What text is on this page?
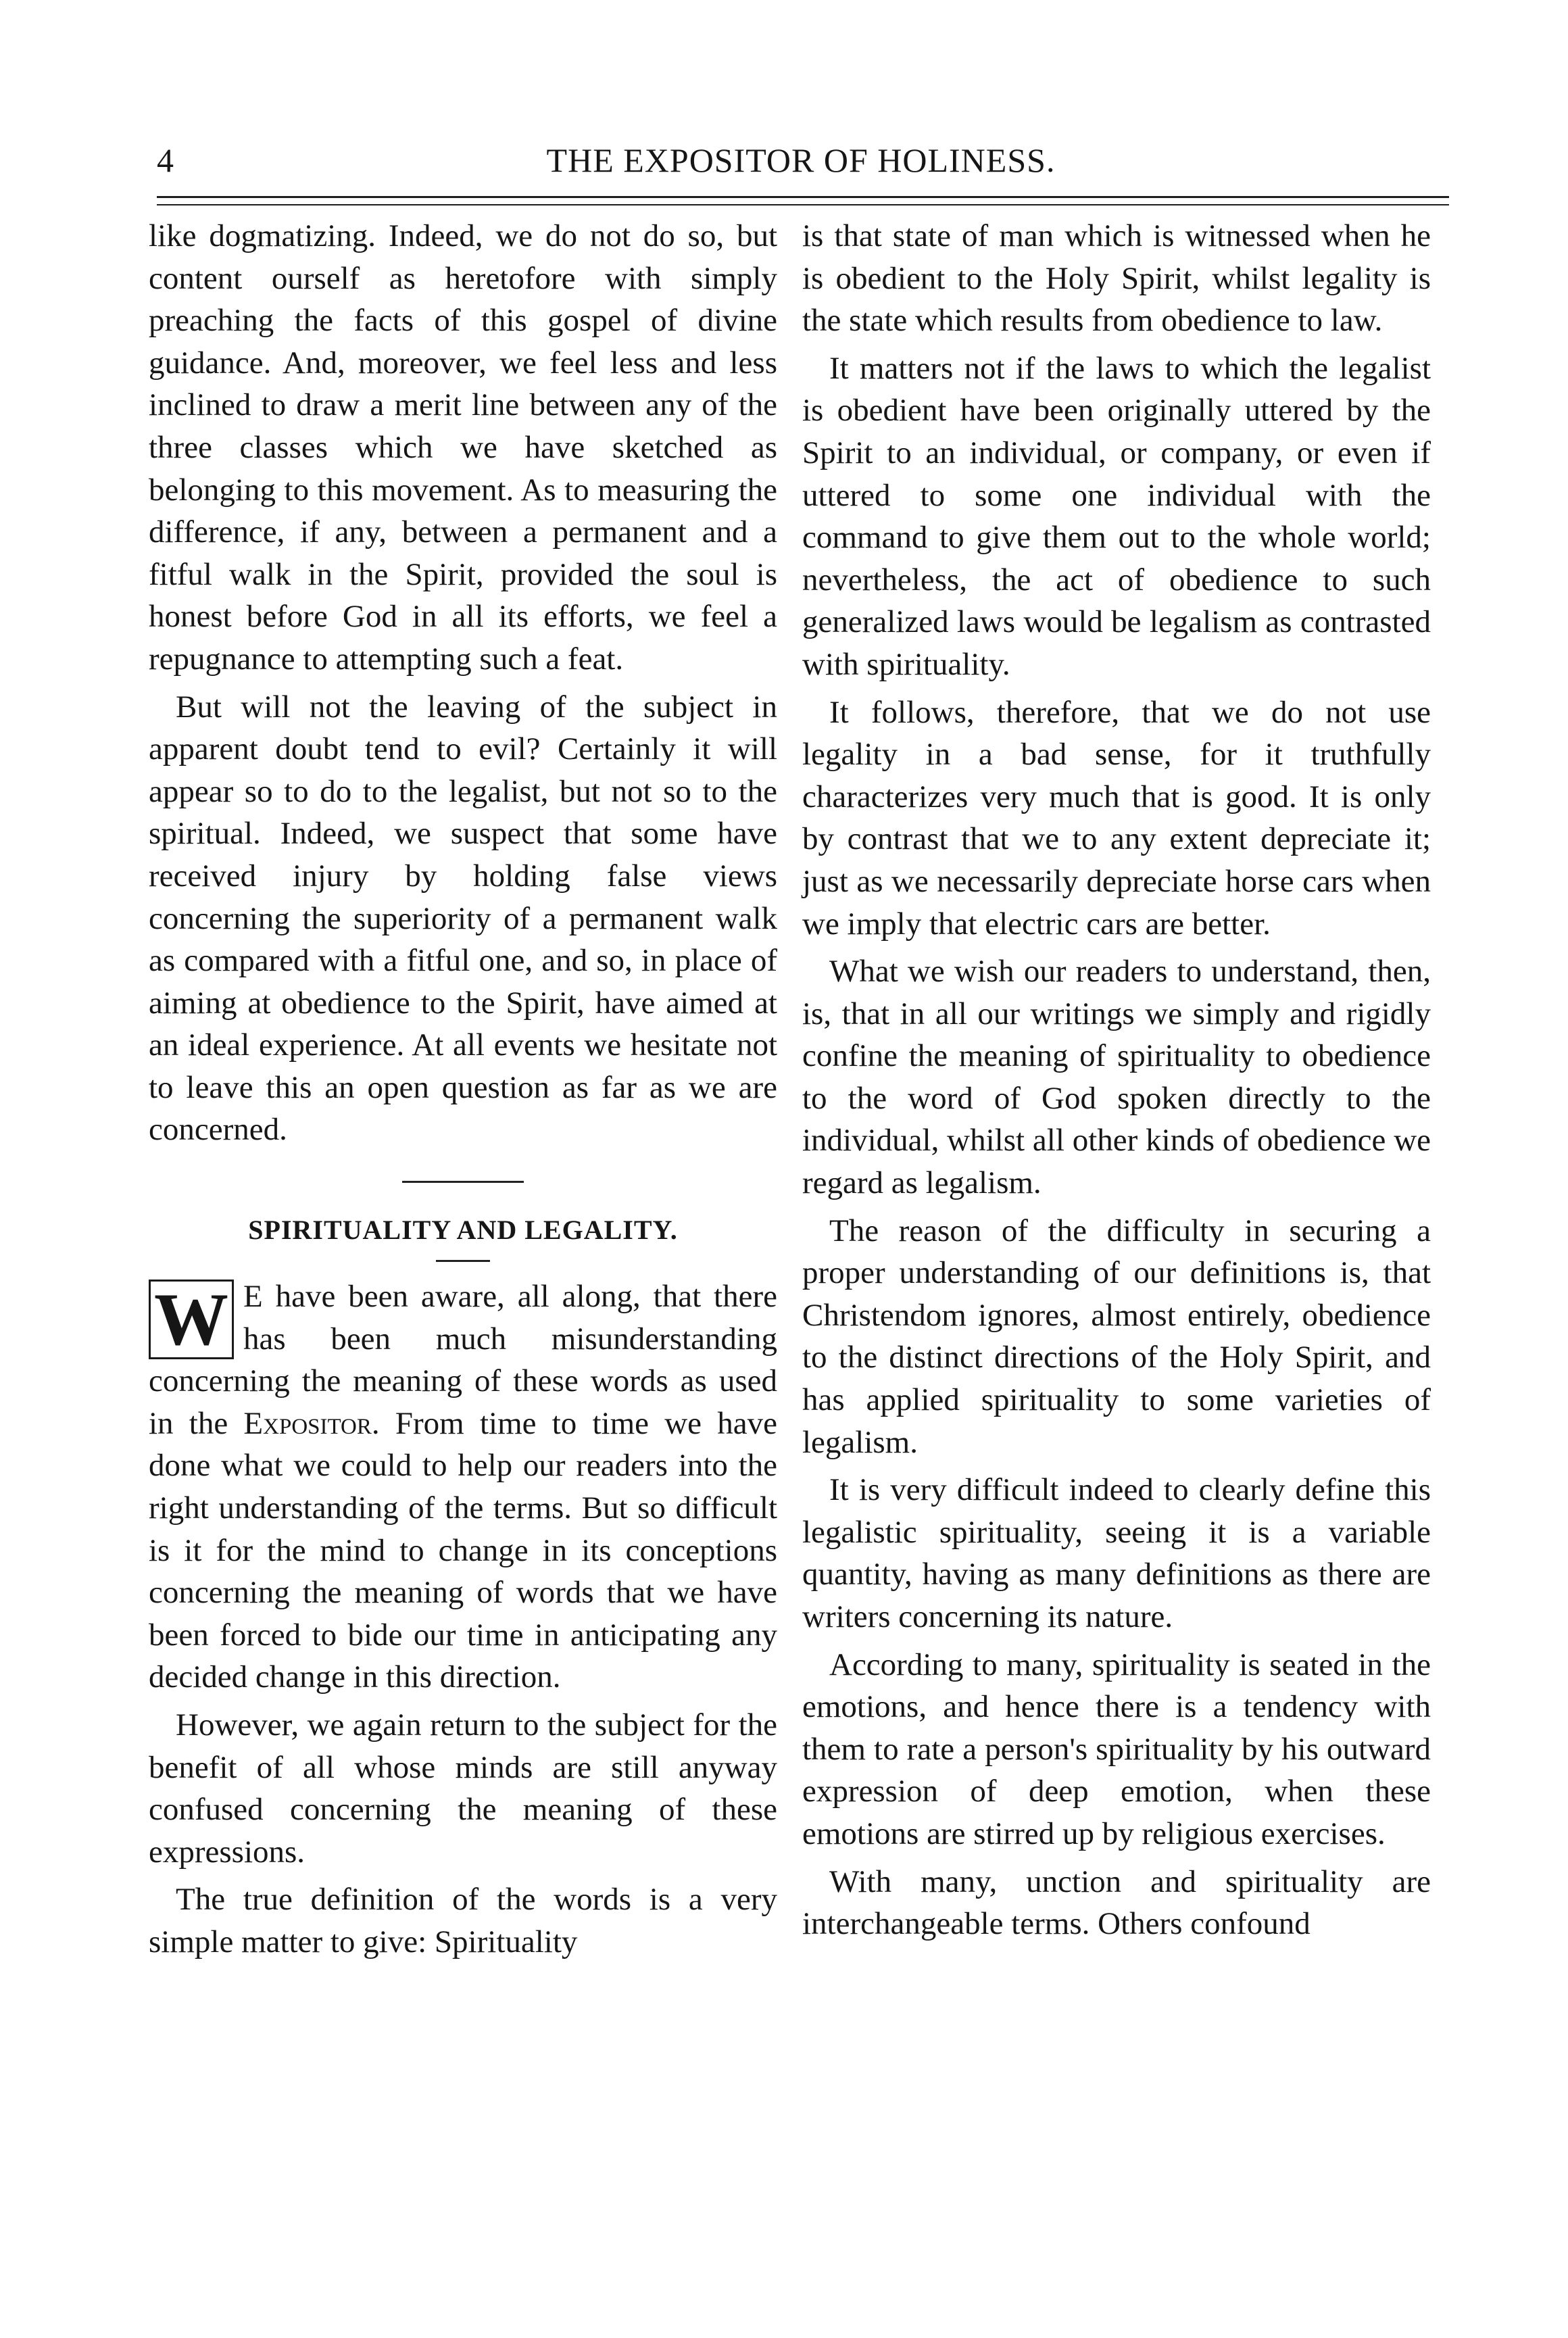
4	THE EXPOSITOR OF HOLINESS.

like dogmatizing. Indeed, we do not do so, but content ourself as heretofore with simply preaching the facts of this gospel of divine guidance. And, moreover, we feel less and less inclined to draw a merit line between any of the three classes which we have sketched as belonging to this movement. As to measuring the difference, if any, between a permanent and a fitful walk in the Spirit, provided the soul is honest before God in all its efforts, we feel a repugnance to attempting such a feat.

But will not the leaving of the subject in apparent doubt tend to evil? Certainly it will appear so to do to the legalist, but not so to the spiritual. Indeed, we suspect that some have received injury by holding false views concerning the superiority of a permanent walk as compared with a fitful one, and so, in place of aiming at obedience to the Spirit, have aimed at an ideal experience. At all events we hesitate not to leave this an open question as far as we are concerned.

SPIRITUALITY AND LEGALITY.

W E have been aware, all along, that there has been much misunderstanding concerning the meaning of these words as used in the Expositor. From time to time we have done what we could to help our readers into the right understanding of the terms. But so difficult is it for the mind to change in its conceptions concerning the meaning of words that we have been forced to bide our time in anticipating any decided change in this direction.

However, we again return to the subject for the benefit of all whose minds are still anyway confused concerning the meaning of these expressions.

The true definition of the words is a very simple matter to give: Spirituality

is that state of man which is witnessed when he is obedient to the Holy Spirit, whilst legality is the state which results from obedience to law.

It matters not if the laws to which the legalist is obedient have been originally uttered by the Spirit to an individual, or company, or even if uttered to some one individual with the command to give them out to the whole world; nevertheless, the act of obedience to such generalized laws would be legalism as contrasted with spirituality.

It follows, therefore, that we do not use legality in a bad sense, for it truthfully characterizes very much that is good. It is only by contrast that we to any extent depreciate it; just as we necessarily depreciate horse cars when we imply that electric cars are better.

What we wish our readers to understand, then, is, that in all our writings we simply and rigidly confine the meaning of spirituality to obedience to the word of God spoken directly to the individual, whilst all other kinds of obedience we regard as legalism.

The reason of the difficulty in securing a proper understanding of our definitions is, that Christendom ignores, almost entirely, obedience to the distinct directions of the Holy Spirit, and has applied spirituality to some varieties of legalism.

It is very difficult indeed to clearly define this legalistic spirituality, seeing it is a variable quantity, having as many definitions as there are writers concerning its nature.

According to many, spirituality is seated in the emotions, and hence there is a tendency with them to rate a person's spirituality by his outward expression of deep emotion, when these emotions are stirred up by religious exercises.

With many, unction and spirituality are interchangeable terms. Others confound
